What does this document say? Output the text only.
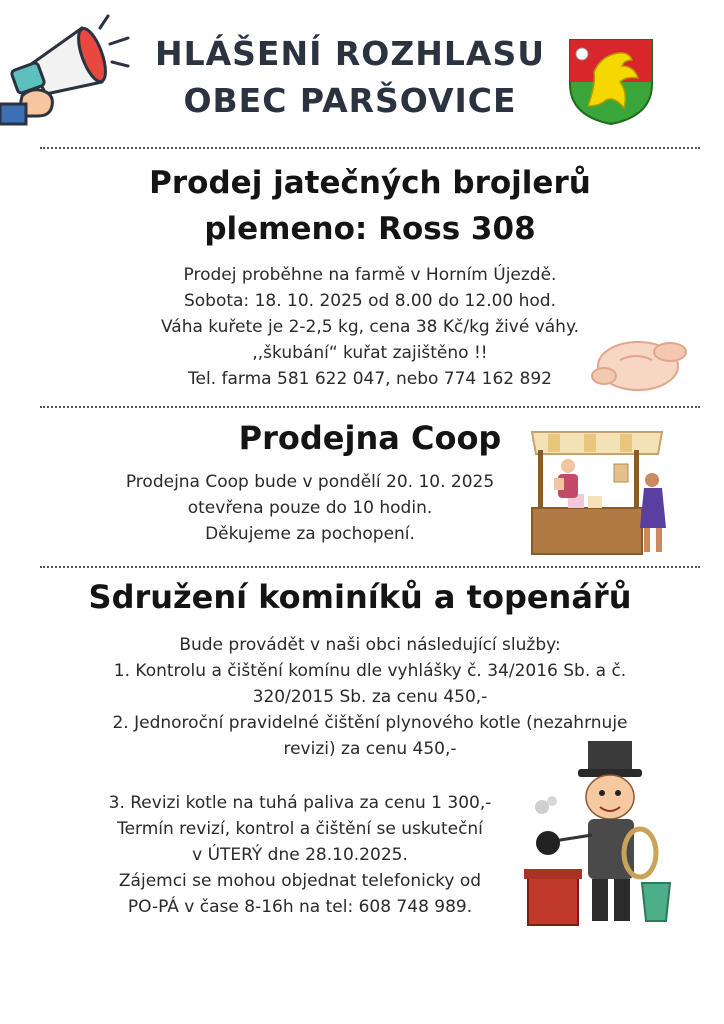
HLÁŠENÍ ROZHLASU
OBEC PARŠOVICE
Prodej jatečných brojlerů
plemeno: Ross 308
Prodej proběhne na farmě v Horním Újezdě.
Sobota: 18. 10. 2025 od 8.00 do 12.00 hod.
Váha kuřete je 2-2,5 kg, cena 38 Kč/kg živé váhy.
,,škubání“ kuřat zajištěno !!
Tel. farma 581 622 047, nebo 774 162 892
Prodejna Coop
Prodejna Coop bude v pondělí 20. 10. 2025
otevřena pouze do 10 hodin.
Děkujeme za pochopení.
Sdružení kominíků a topenářů
Bude provádět v naši obci následující služby:
1. Kontrolu a čištění komínu dle vyhlášky č. 34/2016 Sb. a č.
320/2015 Sb. za cenu 450,-
2. Jednoroční pravidelné čištění plynového kotle (nezahrnuje
revizi) za cenu 450,-
3. Revizi kotle na tuhá paliva za cenu 1 300,-
Termín revizí, kontrol a čištění se uskuteční
v ÚTERÝ dne 28.10.2025.
Zájemci se mohou objednat telefonicky od
PO-PÁ v čase 8-16h na tel: 608 748 989.
